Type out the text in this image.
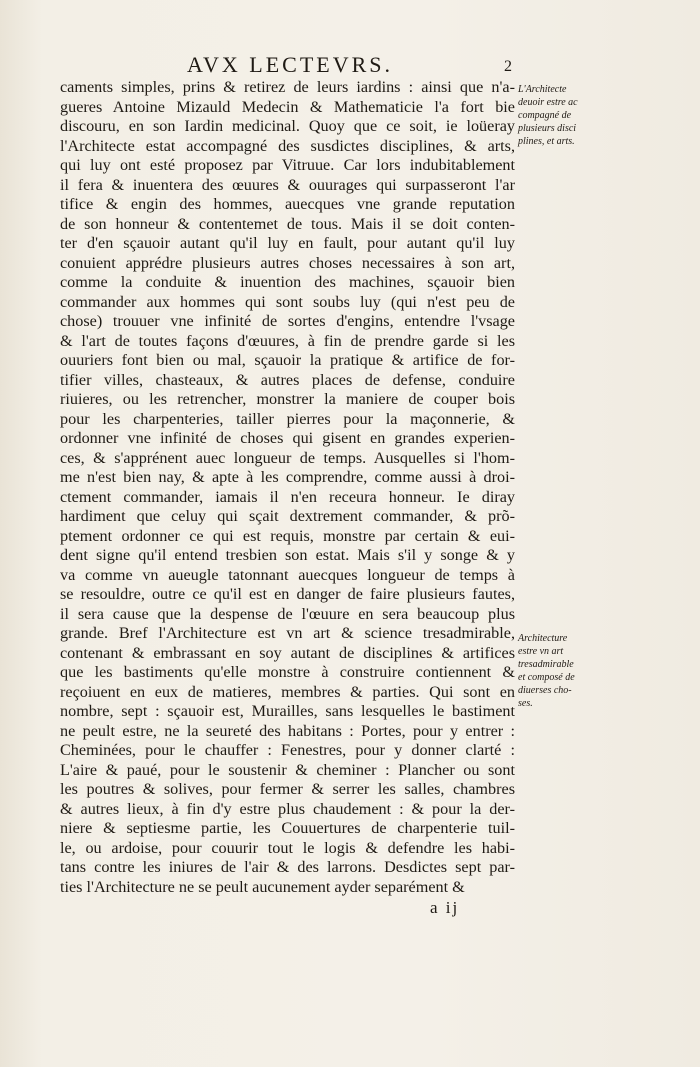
AVX LECTEVRS.	2
caments simples, prins & retirez de leurs iardins : ainsi que n'a-
gueres Antoine Mizauld Medecin & Mathematicie l'a fort bie
discouru, en son Iardin medicinal. Quoy que ce soit, ie loüeray
l'Architecte estat accompagné des susdictes disciplines, & arts,
qui luy ont esté proposez par Vitruue. Car lors indubitablement
il fera & inuentera des œuures & ouurages qui surpasseront l'ar
tifice & engin des hommes, auecques vne grande reputation
de son honneur & contentemet de tous. Mais il se doit conten-
ter d'en sçauoir autant qu'il luy en fault, pour autant qu'il luy
conuient apprédre plusieurs autres choses necessaires à son art,
comme la conduite & inuention des machines, sçauoir bien
commander aux hommes qui sont soubs luy (qui n'est peu de
chose) trouuer vne infinité de sortes d'engins, entendre l'vsage
& l'art de toutes façons d'œuures, à fin de prendre garde si les
ouuriers font bien ou mal, sçauoir la pratique & artifice de for-
tifier villes, chasteaux, & autres places de defense, conduire
riuieres, ou les retrencher, monstrer la maniere de couper bois
pour les charpenteries, tailler pierres pour la maçonnerie, &
ordonner vne infinité de choses qui gisent en grandes experien-
ces, & s'apprénent auec longueur de temps. Ausquelles si l'hom-
me n'est bien nay, & apte à les comprendre, comme aussi à droi-
ctement commander, iamais il n'en receura honneur. Ie diray
hardiment que celuy qui sçait dextrement commander, & prõ-
ptement ordonner ce qui est requis, monstre par certain & eui-
dent signe qu'il entend tresbien son estat. Mais s'il y songe & y
va comme vn aueugle tatonnant auecques longueur de temps à
se resouldre, outre ce qu'il est en danger de faire plusieurs fautes,
il sera cause que la despense de l'œuure en sera beaucoup plus
grande. Bref l'Architecture est vn art & science tresadmirable,
contenant & embrassant en soy autant de disciplines & artifices
que les bastiments qu'elle monstre à construire contiennent &
reçoiuent en eux de matieres, membres & parties. Qui sont en
nombre, sept : sçauoir est, Murailles, sans lesquelles le bastiment
ne peult estre, ne la seureté des habitans : Portes, pour y entrer :
Cheminées, pour le chauffer : Fenestres, pour y donner clarté :
L'aire & paué, pour le soustenir & cheminer : Plancher ou sont
les poutres & solives, pour fermer & serrer les salles, chambres
& autres lieux, à fin d'y estre plus chaudement : & pour la der-
niere & septiesme partie, les Couuertures de charpenterie tuil-
le, ou ardoise, pour couurir tout le logis & defendre les habi-
tans contre les iniures de l'air & des larrons. Desdictes sept par-
ties l'Architecture ne se peult aucunement ayder separément &
L'Architecte
deuoir estre ac
compagné de
plusieurs disci
plines, et arts.
Architecture
estre vn art
tresadmirable
et composé de
diuerses cho-
ses.
a ij
